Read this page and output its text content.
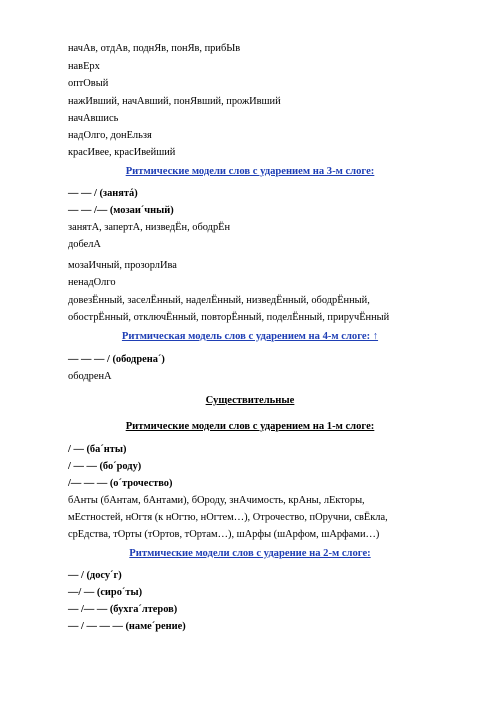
начАв, отдАв, поднЯв, понЯв, прибЫв
навЕрх
оптОвый
нажИвший, начАвший, понЯвший, прожИвший
начАвшись
надОлго, донЕльзя
красИвее, красИвейший
Ритмические модели слов с ударением на 3-м слоге:
— — / (занятá)
— — /— (мозаи´чный)
занятА, запертА, низведЁн, ободрЁн
добелА
мозаИчный, прозорлИва
ненадОлго
довезЁнный, заселЁнный, наделЁнный, низведЁнный, ободрЁнный,
обострЁнный, отключЁнный, повторЁнный, поделЁнный, приручЁнный
Ритмическая модель слов с ударением на 4-м слоге: ↑
— — — / (ободрена´)
ободренА
Существительные
Ритмические модели слов с ударением на 1-м слоге:
/ — (ба´нты)
/ — — (бо´роду)
/— — — (о´трочество)
бАнты (бАнтам, бАнтами), бОроду, знАчимость, крАны, лЕкторы,
мЕстностей, нОгтя (к нОгтю, нОгтем…), Отрочество, пОручни, свЁкла,
срЕдства, тОрты (тОртов, тОртам…), шАрфы (шАрфом, шАрфами…)
Ритмические модели слов с ударение на 2-м слоге:
— / (досу´г)
—/ — (сиро´ты)
— /— — (бухга´лтеров)
— / — — — (наме´рение)
